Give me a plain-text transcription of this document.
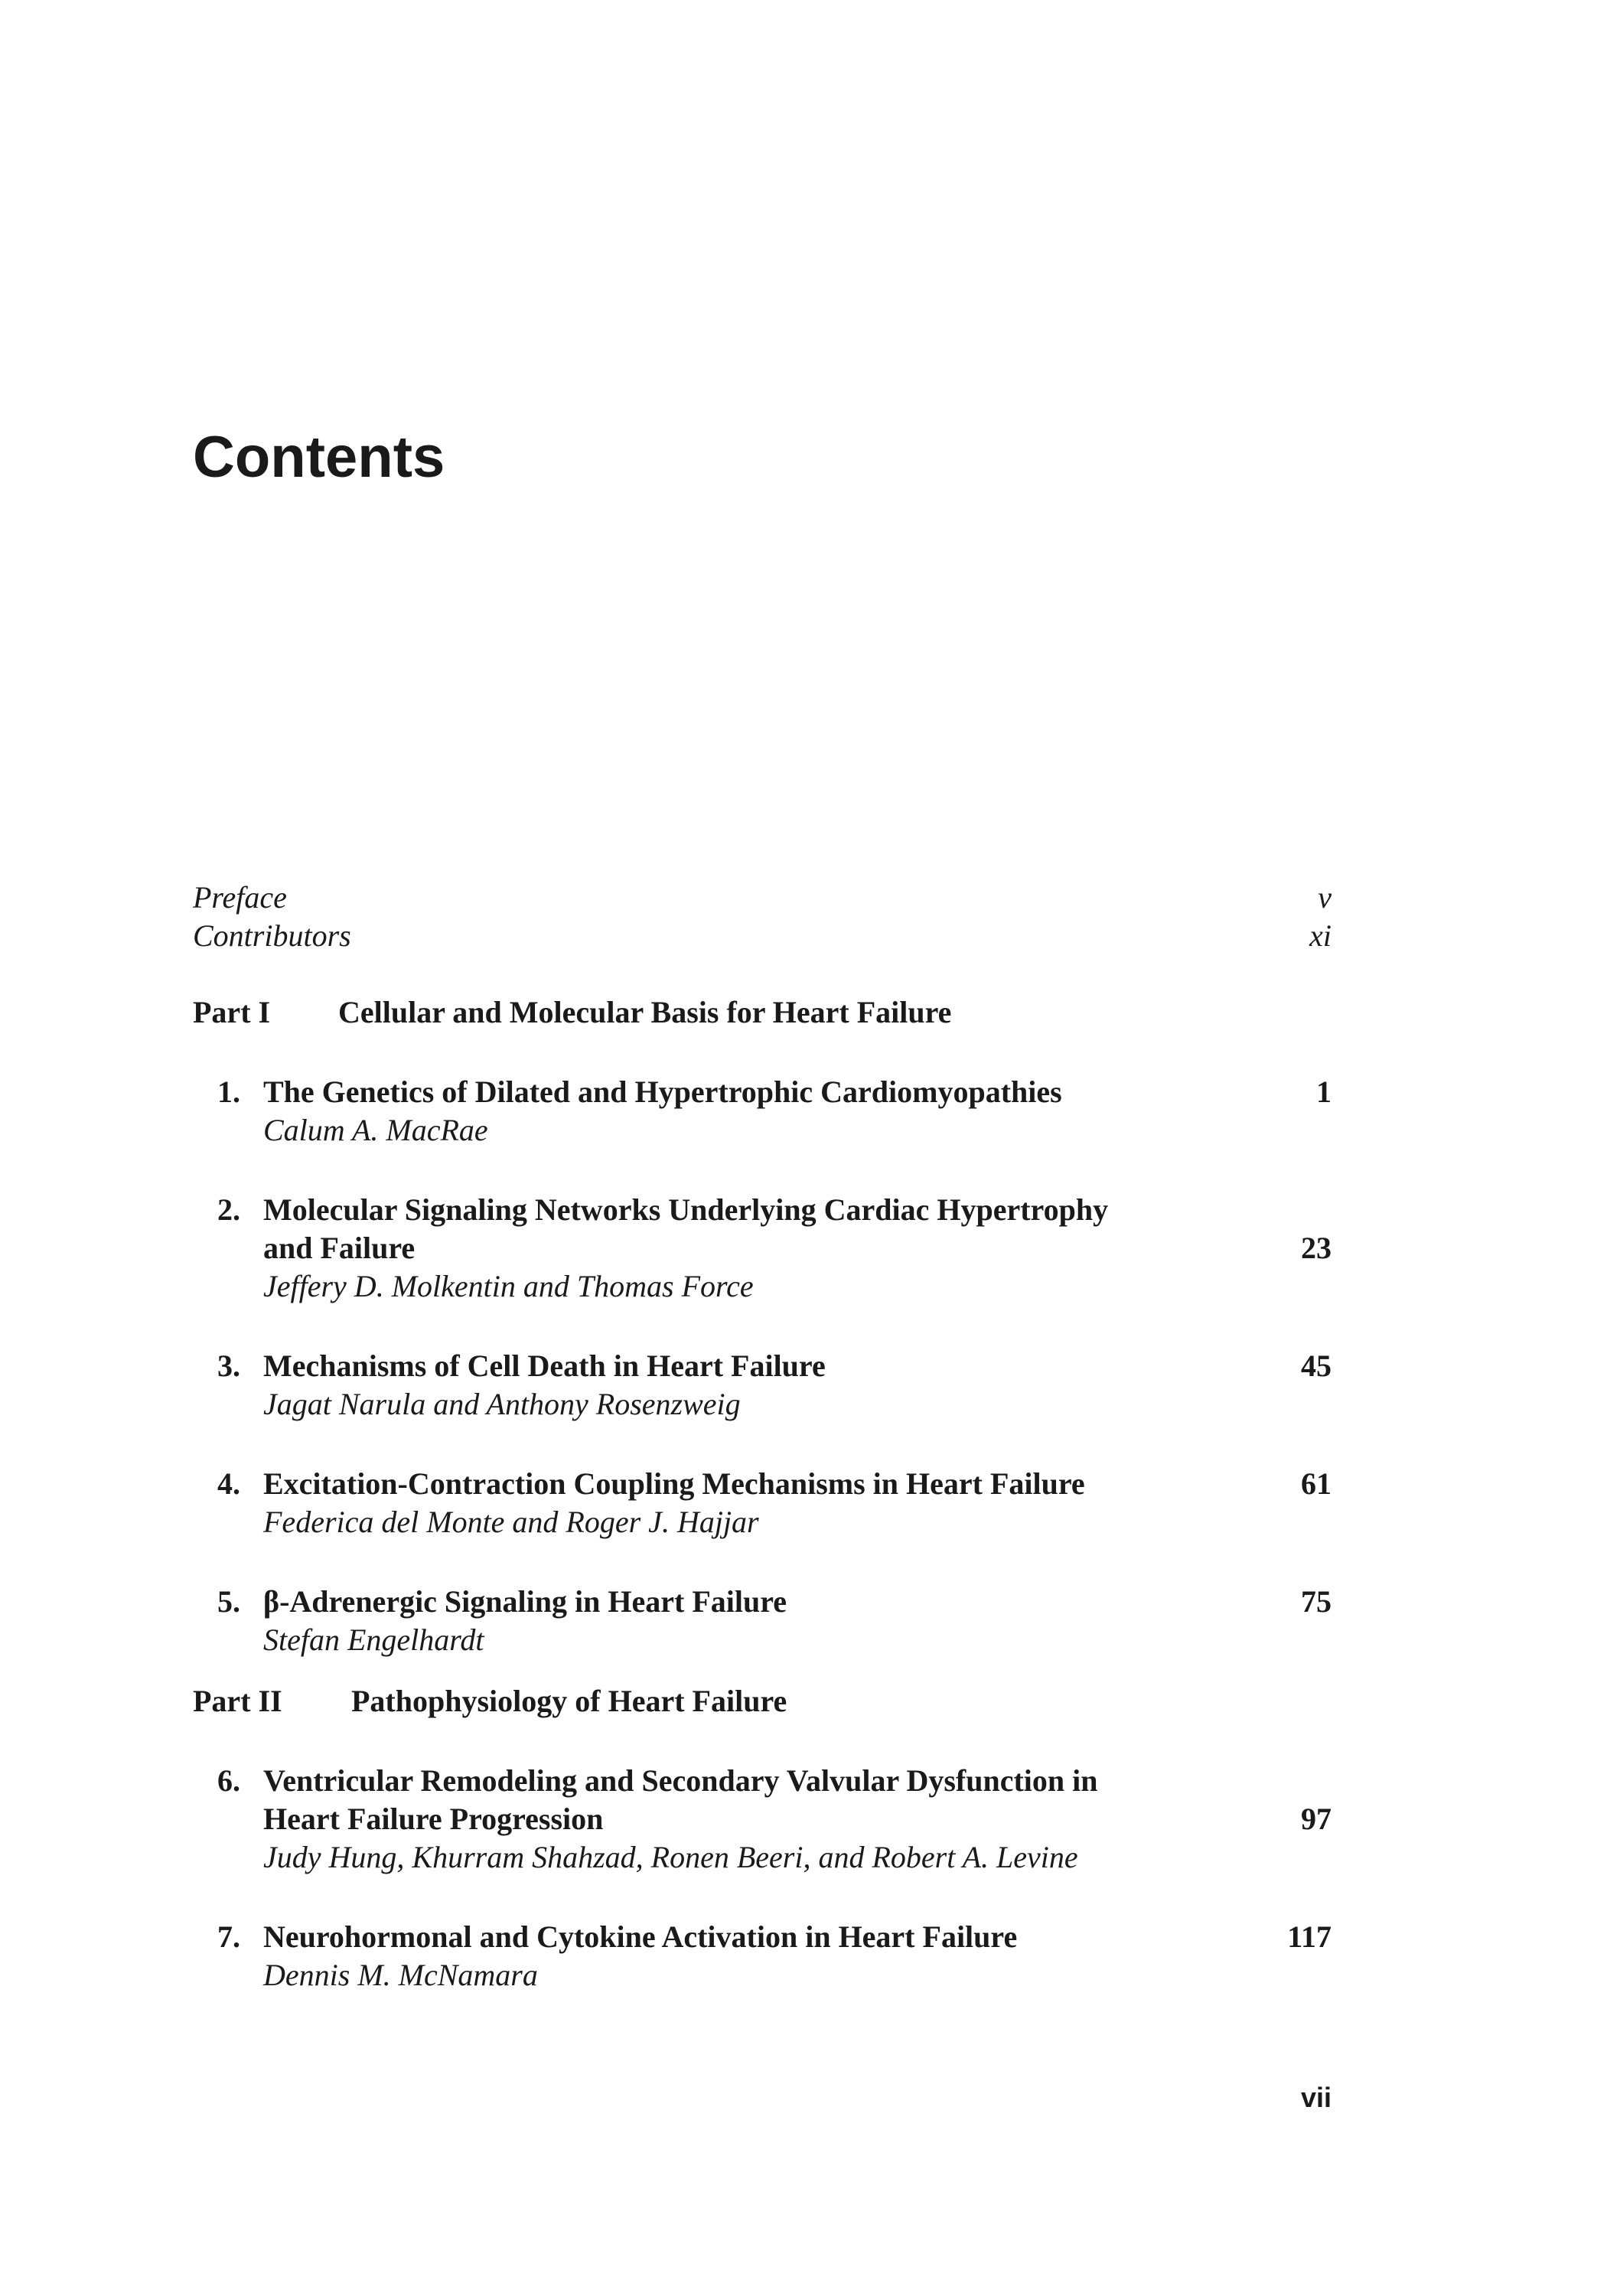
Contents
Preface	v
Contributors	xi
Part I	Cellular and Molecular Basis for Heart Failure
1. The Genetics of Dilated and Hypertrophic Cardiomyopathies	1
Calum A. MacRae
2. Molecular Signaling Networks Underlying Cardiac Hypertrophy
and Failure	23
Jeffery D. Molkentin and Thomas Force
3. Mechanisms of Cell Death in Heart Failure	45
Jagat Narula and Anthony Rosenzweig
4. Excitation-Contraction Coupling Mechanisms in Heart Failure	61
Federica del Monte and Roger J. Hajjar
5. β-Adrenergic Signaling in Heart Failure	75
Stefan Engelhardt
Part II	Pathophysiology of Heart Failure
6. Ventricular Remodeling and Secondary Valvular Dysfunction in
Heart Failure Progression	97
Judy Hung, Khurram Shahzad, Ronen Beeri, and Robert A. Levine
7. Neurohormonal and Cytokine Activation in Heart Failure	117
Dennis M. McNamara
vii
